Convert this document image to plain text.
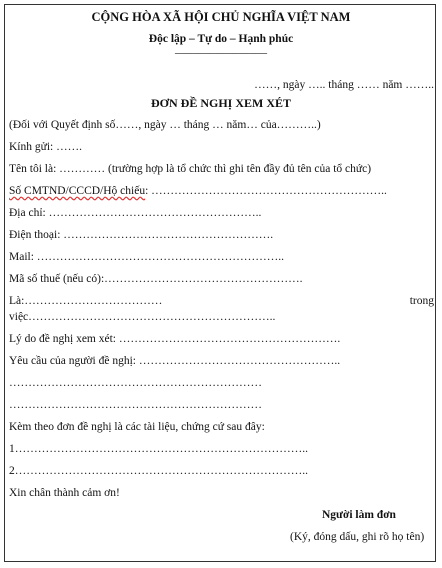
CỘNG HÒA XÃ HỘI CHỦ NGHĨA VIỆT NAM
Độc lập – Tự do – Hạnh phúc
________________
……, ngày ….. tháng …… năm ……..
ĐƠN ĐỀ NGHỊ XEM XÉT
(Đối với Quyết định số……, ngày … tháng … năm… của………..)
Kính gửi: …….
Tên tôi là: ………… (trường hợp là tổ chức thì ghi tên đầy đủ tên của tổ chức)
Số CMTND/CCCD/Hộ chiếu: ……………………………………………………..
Địa chỉ: ………………………………………………..
Điện thoại: ……………………………………………….
Mail: ………………………………………………………..
Mã số thuế (nếu có):…………………………………………….
Là:………………………………	trong
việc………………………………………………………..
Lý do đề nghị xem xét: ………………………………………………….
Yêu cầu của người đề nghị: ……………………………………………..
…………………………………………………………
…………………………………………………………
Kèm theo đơn đề nghị là các tài liệu, chứng cứ sau đây:
1…………………………………………………………………..
2…………………………………………………………………..
Xin chân thành cảm ơn!
Người làm đơn
(Ký, đóng dấu, ghi rõ họ tên)
